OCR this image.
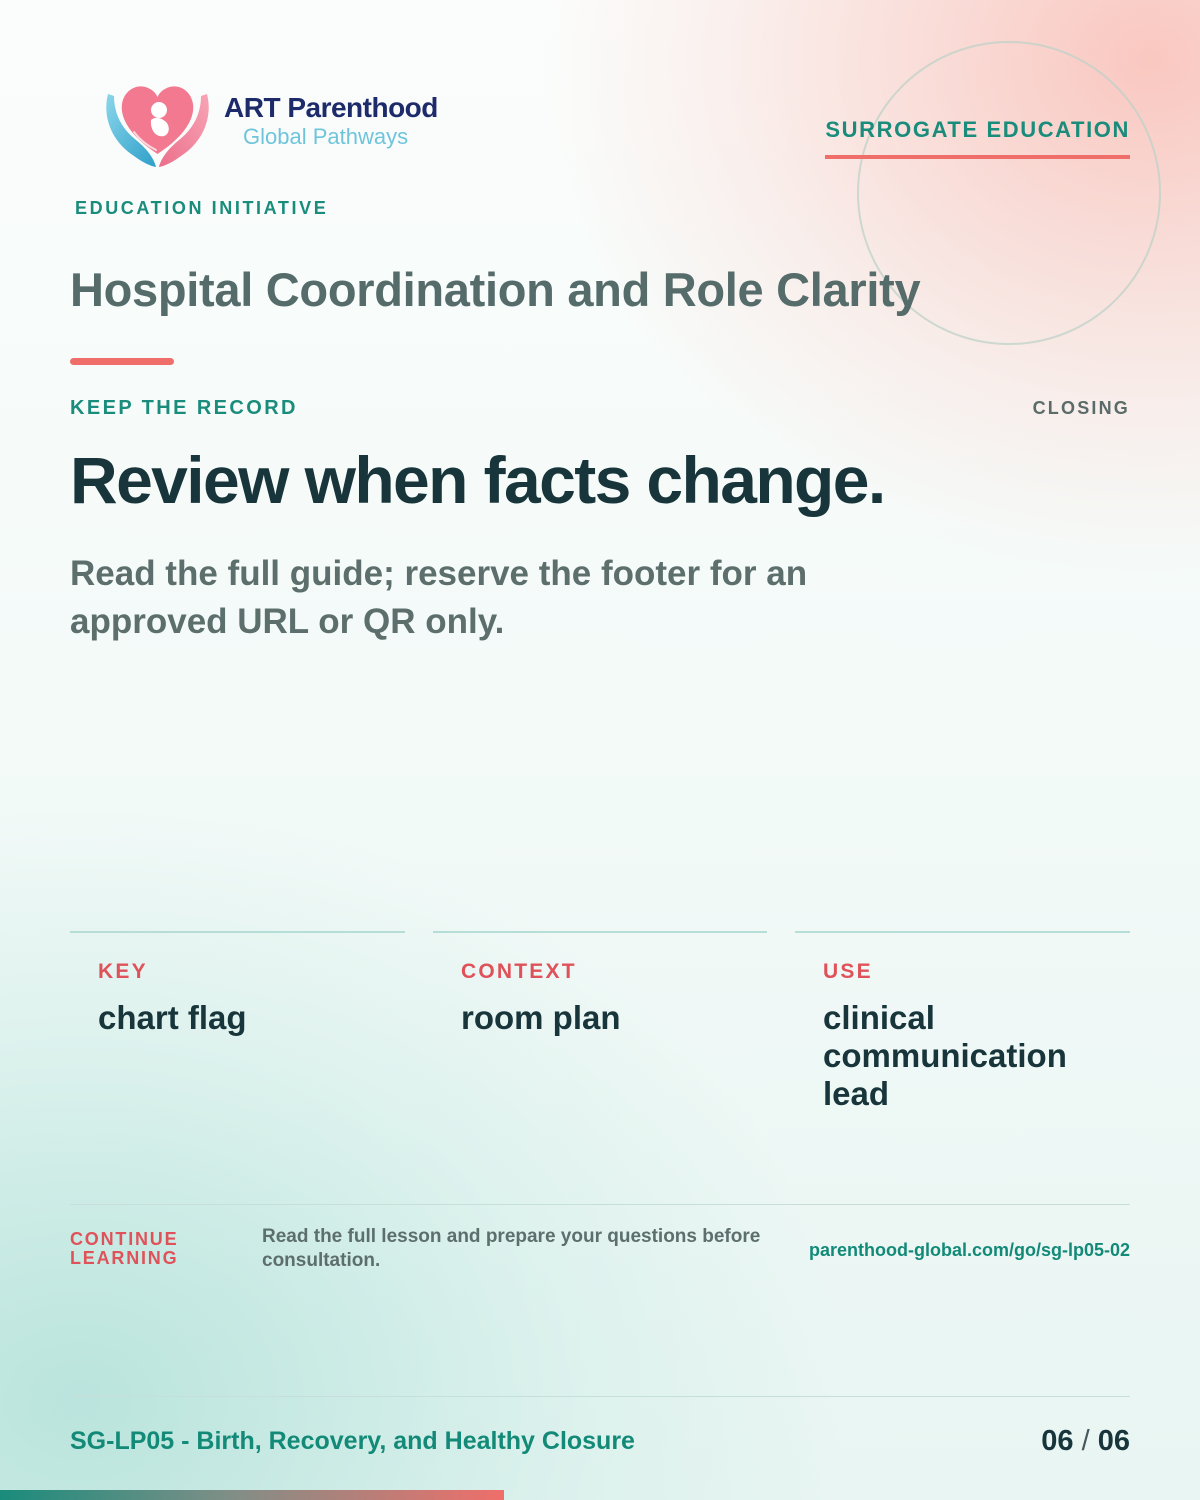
ART Parenthood
Global Pathways
EDUCATION INITIATIVE
SURROGATE EDUCATION
Hospital Coordination and Role Clarity
KEEP THE RECORD	CLOSING
Review when facts change.

Read the full guide; reserve the footer for an approved URL or QR only.

KEY
chart flag
CONTEXT
room plan
USE
clinical communication lead
CONTINUE LEARNING
Read the full lesson and prepare your questions before consultation.	parenthood-global.com/go/sg-lp05-02
SG-LP05 - Birth, Recovery, and Healthy Closure	06 / 06
